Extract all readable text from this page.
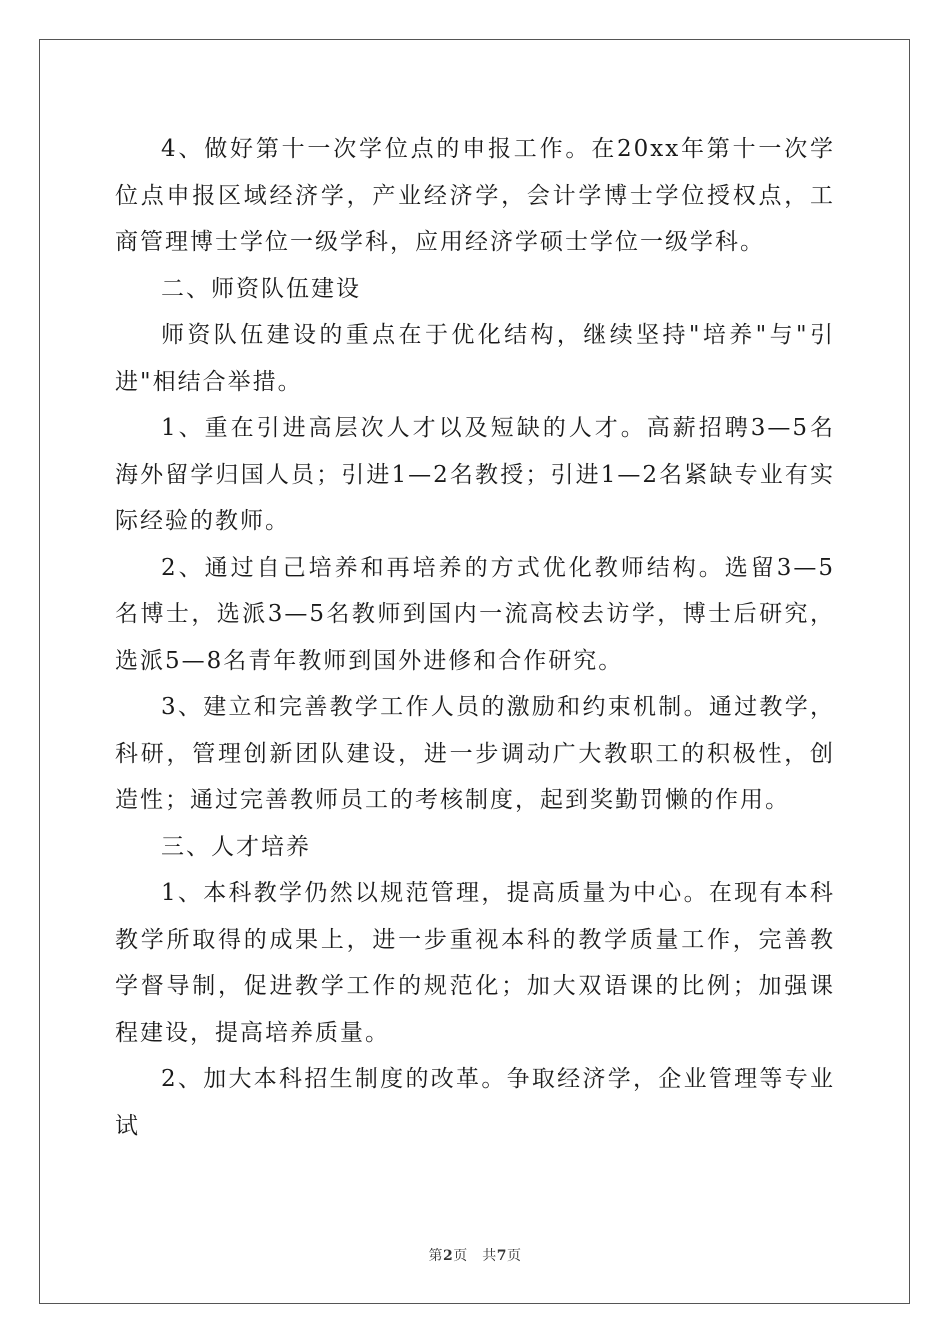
4、做好第十一次学位点的申报工作。在20xx年第十一次学位点申报区域经济学，产业经济学，会计学博士学位授权点，工商管理博士学位一级学科，应用经济学硕士学位一级学科。

二、师资队伍建设

师资队伍建设的重点在于优化结构，继续坚持"培养"与"引进"相结合举措。

1、重在引进高层次人才以及短缺的人才。高薪招聘3—5名海外留学归国人员；引进1—2名教授；引进1—2名紧缺专业有实际经验的教师。

2、通过自己培养和再培养的方式优化教师结构。选留3—5名博士，选派3—5名教师到国内一流高校去访学，博士后研究，选派5—8名青年教师到国外进修和合作研究。

3、建立和完善教学工作人员的激励和约束机制。通过教学，科研，管理创新团队建设，进一步调动广大教职工的积极性，创造性；通过完善教师员工的考核制度，起到奖勤罚懒的作用。

三、人才培养

1、本科教学仍然以规范管理，提高质量为中心。在现有本科教学所取得的成果上，进一步重视本科的教学质量工作，完善教学督导制，促进教学工作的规范化；加大双语课的比例；加强课程建设，提高培养质量。

2、加大本科招生制度的改革。争取经济学，企业管理等专业试

第2页　共7页
